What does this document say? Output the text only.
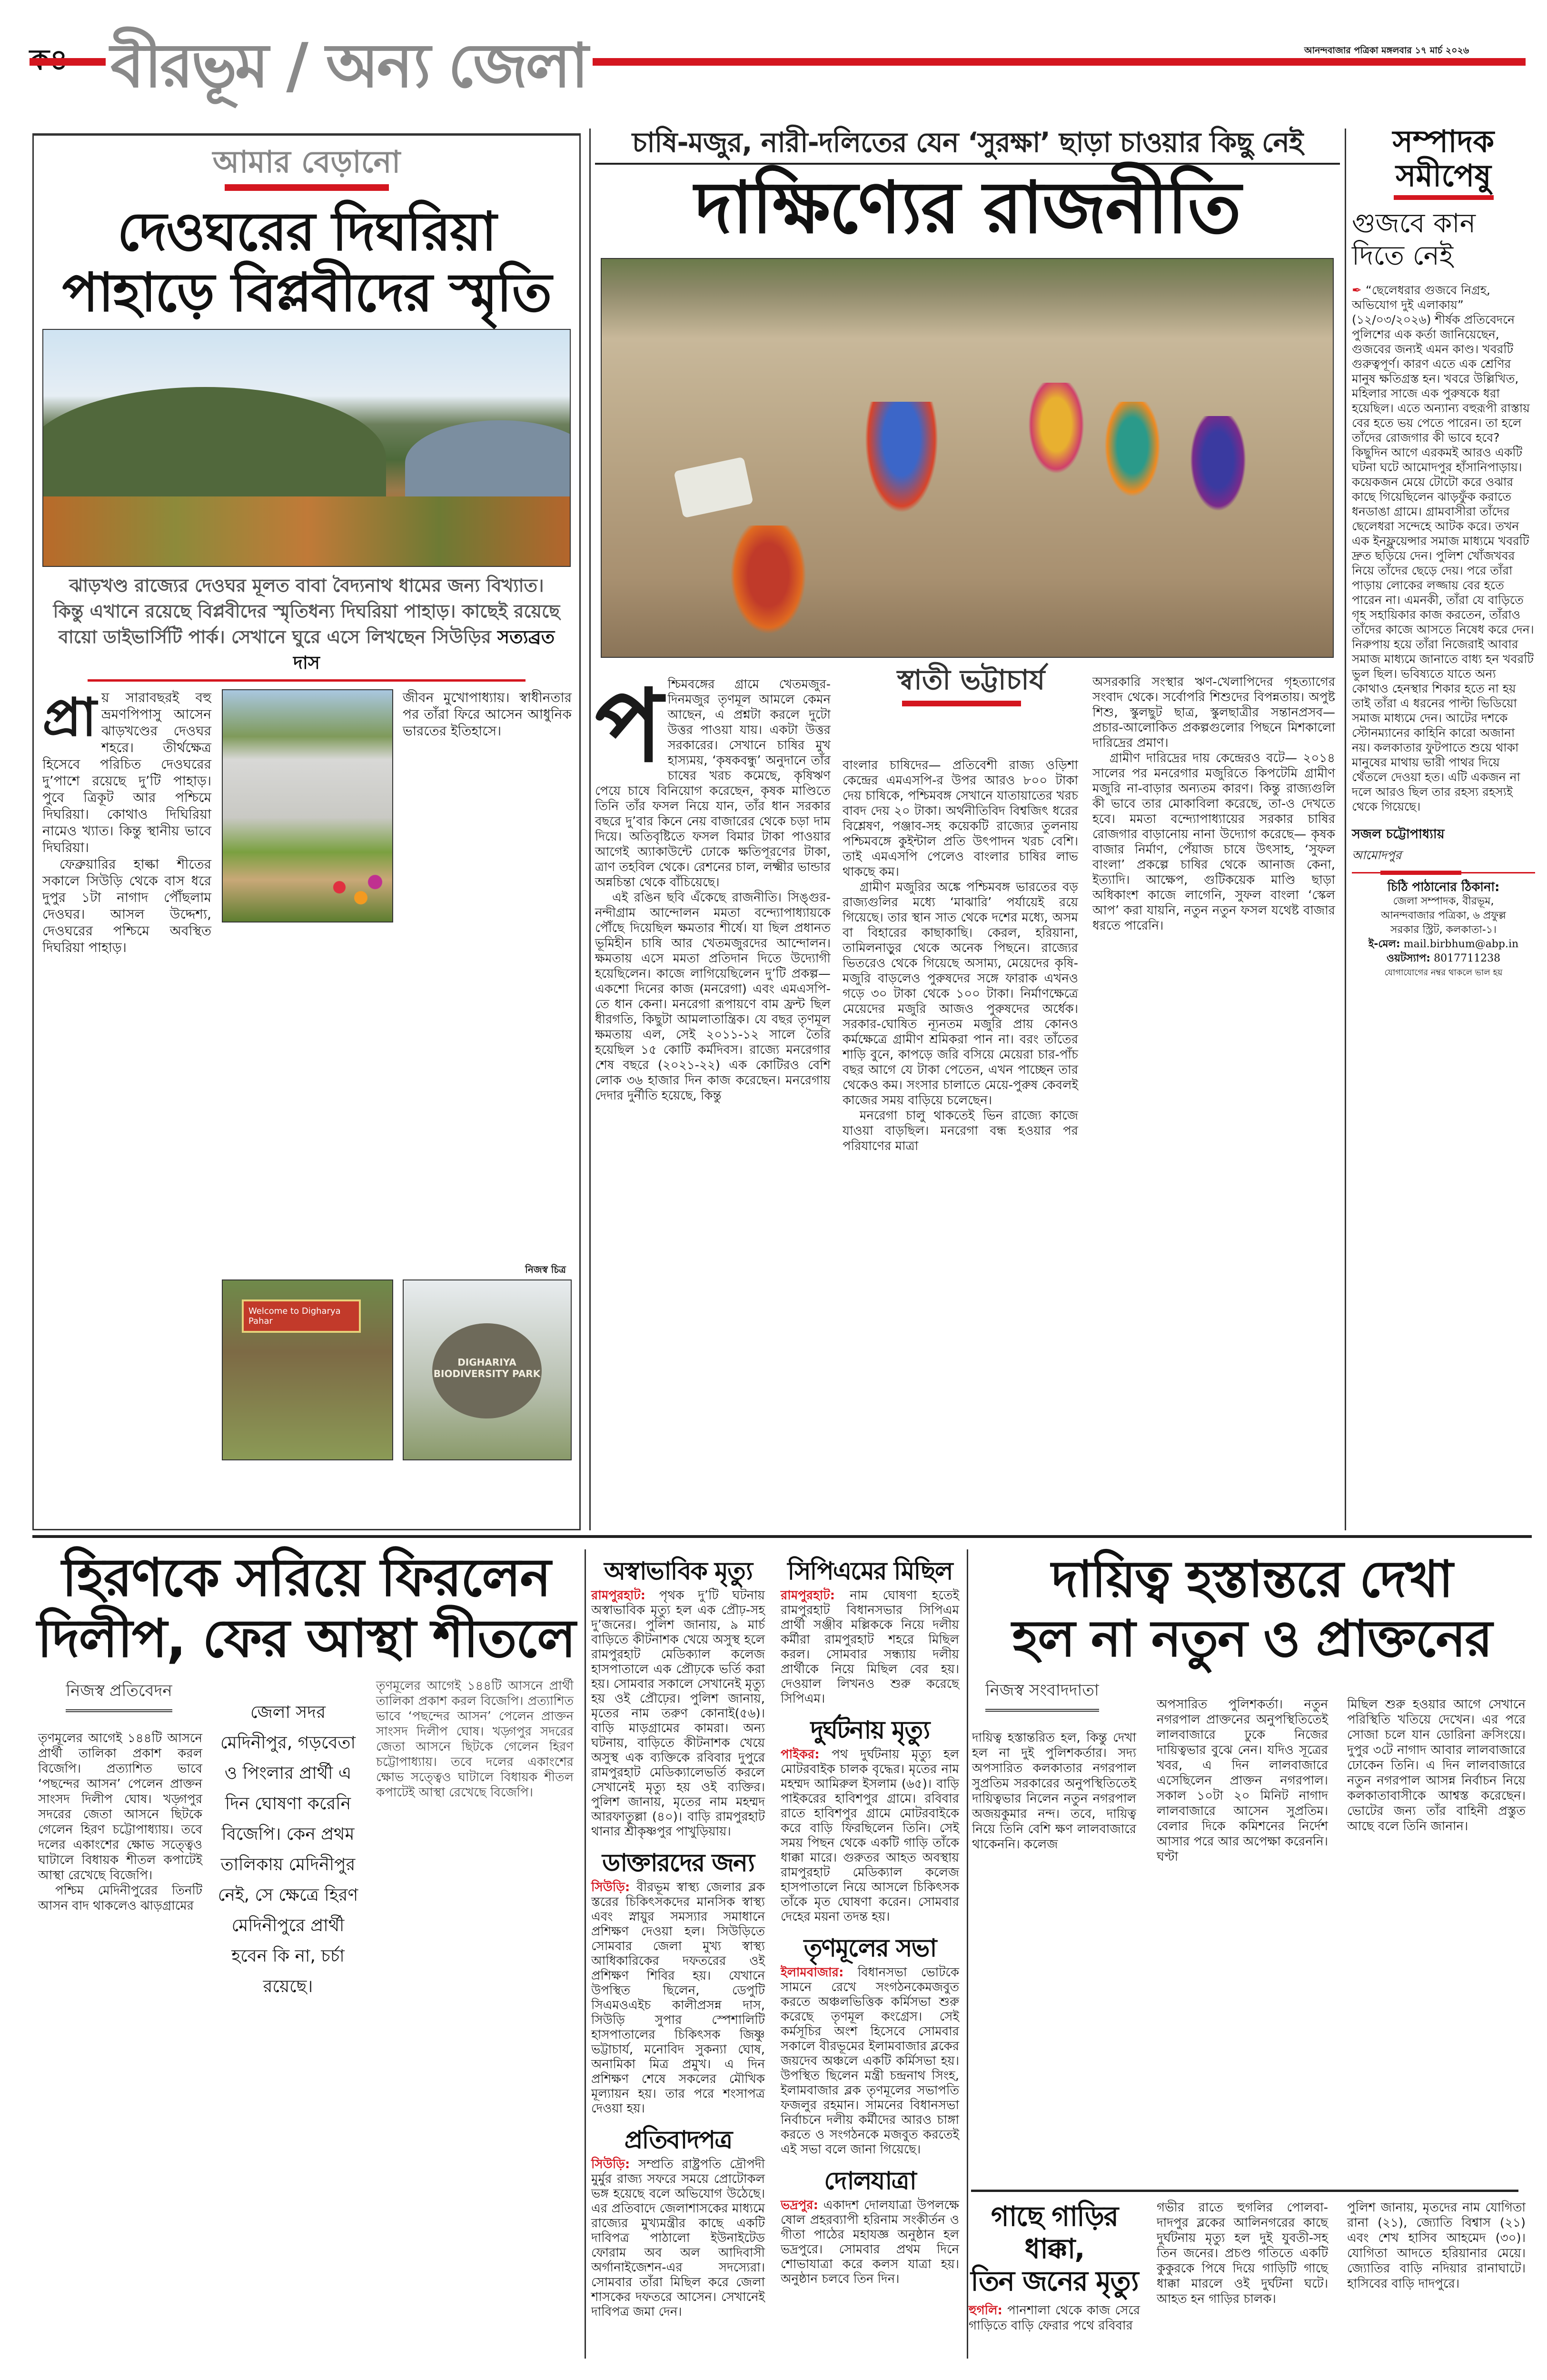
বীরভূম / অন্য জেলা	আনন্দবাজার পত্রিকা মঙ্গলবার ১৭ মার্চ ২০২৬
আমার বেড়ানো
দেওঘরের দিঘরিয়া
পাহাড়ে বিপ্লবীদের স্মৃতি
ঝাড়খণ্ড রাজ্যের দেওঘর মূলত বাবা বৈদ্যনাথ ধামের জন্য বিখ্যাত। কিন্তু এখানে রয়েছে বিপ্লবীদের স্মৃতিধন্য দিঘরিয়া পাহাড়। কাছেই রয়েছে বায়ো ডাইভার্সিটি পার্ক। সেখানে ঘুরে এসে লিখছেন সিউড়ির সত্যব্রত দাস
প্রা য় সারাবছরই বহু ভ্রমণপিপাসু আসেন ঝাড়খণ্ডের দেওঘর শহরে। তীর্থক্ষেত্র হিসেবে পরিচিত দেওঘরের দু’পাশে রয়েছে দু’টি পাহাড়। পুবে ত্রিকূট আর পশ্চিমে দিঘরিয়া। কোথাও দিঘিরিয়া নামেও খ্যাত। কিন্তু স্থানীয় ভাবে দিঘরিয়া।

ফেব্রুয়ারির হাল্কা শীতের সকালে সিউড়ি থেকে বাস ধরে দুপুর ১টা নাগাদ পৌঁছলাম দেওঘর। আসল উদ্দেশ্য, দেওঘরের পশ্চিমে অবস্থিত দিঘরিয়া পাহাড়।

জীবন মুখোপাধ্যায়। স্বাধীনতার পর তাঁরা ফিরে আসেন আধুনিক ভারতের ইতিহাসে।

নিজস্ব চিত্র
Welcome to Digharya Pahar
DIGHARIYA BIODIVERSITY PARK
চাষি-মজুর, নারী-দলিতের যেন ‘সুরক্ষা’ ছাড়া চাওয়ার কিছু নেই
দাক্ষিণ্যের রাজনীতি
স্বাতী ভট্টাচার্য
প শ্চিমবঙ্গের গ্রামে খেতমজুর-দিনমজুর তৃণমূল আমলে কেমন আছেন, এ প্রশ্নটা করলে দুটো উত্তর পাওয়া যায়। একটা উত্তর সরকারের। সেখানে চাষির মুখ হাস্যময়, ‘কৃষকবন্ধু’ অনুদানে তাঁর চাষের খরচ কমেছে, কৃষিঋণ পেয়ে চাষে বিনিয়োগ করেছেন, কৃষক মাণ্ডিতে তিনি তাঁর ফসল নিয়ে যান, তাঁর ধান সরকার বছরে দু’বার কিনে নেয় বাজারের থেকে চড়া দাম দিয়ে। অতিবৃষ্টিতে ফসল বিমার টাকা পাওয়ার আগেই অ্যাকাউন্টে ঢোকে ক্ষতিপূরণের টাকা, ত্রাণ তহবিল থেকে। রেশনের চাল, লক্ষ্মীর ভান্ডার অন্নচিন্তা থেকে বাঁচিয়েছে।

এই রঙিন ছবি এঁকেছে রাজনীতি। সিঙ্গুর-নন্দীগ্রাম আন্দোলন মমতা বন্দ্যোপাধ্যায়কে পৌঁছে দিয়েছিল ক্ষমতার শীর্ষে। যা ছিল প্রধানত ভূমিহীন চাষি আর খেতমজুরদের আন্দোলন। ক্ষমতায় এসে মমতা প্রতিদান দিতে উদ্যোগী হয়েছিলেন। কাজে লাগিয়েছিলেন দু’টি প্রকল্প— একশো দিনের কাজ (মনরেগা) এবং এমএসপি-তে ধান কেনা। মনরেগা রূপায়ণে বাম ফ্রন্ট ছিল ধীরগতি, কিছুটা আমলাতান্ত্রিক। যে বছর তৃণমূল ক্ষমতায় এল, সেই ২০১১-১২ সালে তৈরি হয়েছিল ১৫ কোটি কর্মদিবস। রাজ্যে মনরেগার শেষ বছরে (২০২১-২২) এক কোটিরও বেশি লোক ৩৬ হাজার দিন কাজ করেছেন। মনরেগায় দেদার দুর্নীতি হয়েছে, কিন্তু

বাংলার চাষিদের— প্রতিবেশী রাজ্য ওড়িশা কেন্দ্রের এমএসপি-র উপর আরও ৮০০ টাকা দেয় চাষিকে, পশ্চিমবঙ্গ সেখানে যাতায়াতের খরচ বাবদ দেয় ২০ টাকা। অর্থনীতিবিদ বিশ্বজিৎ ধরের বিশ্লেষণ, পঞ্জাব-সহ কয়েকটি রাজ্যের তুলনায় পশ্চিমবঙ্গে কুইন্টাল প্রতি উৎপাদন খরচ বেশি। তাই এমএসপি পেলেও বাংলার চাষির লাভ থাকছে কম।

গ্রামীণ মজুরির অঙ্কে পশ্চিমবঙ্গ ভারতের বড় রাজ্যগুলির মধ্যে ‘মাঝারি’ পর্যায়েই রয়ে গিয়েছে। তার স্থান সাত থেকে দশের মধ্যে, অসম বা বিহারের কাছাকাছি। কেরল, হরিয়ানা, তামিলনাড়ুর থেকে অনেক পিছনে। রাজ্যের ভিতরেও থেকে গিয়েছে অসাম্য, মেয়েদের কৃষি-মজুরি বাড়লেও পুরুষদের সঙ্গে ফারাক এখনও গড়ে ৩০ টাকা থেকে ১০০ টাকা। নির্মাণক্ষেত্রে মেয়েদের মজুরি আজও পুরুষদের অর্ধেক। সরকার-ঘোষিত ন্যূনতম মজুরি প্রায় কোনও কর্মক্ষেত্রে গ্রামীণ শ্রমিকরা পান না। বরং তাঁতের শাড়ি বুনে, কাপড়ে জরি বসিয়ে মেয়েরা চার-পাঁচ বছর আগে যে টাকা পেতেন, এখন পাচ্ছেন তার থেকেও কম। সংসার চালাতে মেয়ে-পুরুষ কেবলই কাজের সময় বাড়িয়ে চলেছেন।

মনরেগা চালু থাকতেই ভিন রাজ্যে কাজে যাওয়া বাড়ছিল। মনরেগা বন্ধ হওয়ার পর পরিযাণের মাত্রা

অসরকারি সংস্থার ঋণ-খেলাপিদের গৃহত্যাগের সংবাদ থেকে। সর্বোপরি শিশুদের বিপন্নতায়। অপুষ্ট শিশু, স্কুলছুট ছাত্র, স্কুলছাত্রীর সন্তানপ্রসব— প্রচার-আলোকিত প্রকল্পগুলোর পিছনে মিশকালো দারিদ্রের প্রমাণ।

গ্রামীণ দারিদ্রের দায় কেন্দ্রেরও বটে— ২০১৪ সালের পর মনরেগার মজুরিতে কিপটেমি গ্রামীণ মজুরি না-বাড়ার অন্যতম কারণ। কিন্তু রাজ্যগুলি কী ভাবে তার মোকাবিলা করেছে, তা-ও দেখতে হবে। মমতা বন্দ্যোপাধ্যায়ের সরকার চাষির রোজগার বাড়ানোয় নানা উদ্যোগ করেছে— কৃষক বাজার নির্মাণ, পেঁয়াজ চাষে উৎসাহ, ‘সুফল বাংলা’ প্রকল্পে চাষির থেকে আনাজ কেনা, ইত্যাদি। আক্ষেপ, গুটিকয়েক মাণ্ডি ছাড়া অধিকাংশ কাজে লাগেনি, সুফল বাংলা ‘স্কেল আপ’ করা যায়নি, নতুন নতুন ফসল যথেষ্ট বাজার ধরতে পারেনি।

সম্পাদক
সমীপেষু
গুজবে কান দিতে নেই
✒︎ “ছেলেধরার গুজবে নিগ্রহ, অভিযোগ দুই এলাকায়” (১২/০৩/২০২৬) শীর্ষক প্রতিবেদনে পুলিশের এক কর্তা জানিয়েছেন, গুজবের জন্যই এমন কাণ্ড। খবরটি গুরুত্বপূর্ণ। কারণ এতে এক শ্রেণির মানুষ ক্ষতিগ্রস্ত হন। খবরে উল্লিখিত, মহিলার সাজে এক পুরুষকে ধরা হয়েছিল। এতে অন্যান্য বহুরূপী রাস্তায় বের হতে ভয় পেতে পারেন। তা হলে তাঁদের রোজগার কী ভাবে হবে? কিছুদিন আগে এরকমই আরও একটি ঘটনা ঘটে আমোদপুর হাঁসানিপাড়ায়। কয়েকজন মেয়ে টোটো করে ওঝার কাছে গিয়েছিলেন ঝাড়ফুঁক করাতে ধনডাঙা গ্রামে। গ্রামবাসীরা তাঁদের ছেলেধরা সন্দেহে আটক করে। তখন এক ইনফ্লুয়েন্সার সমাজ মাধ্যমে খবরটি দ্রুত ছড়িয়ে দেন। পুলিশ খোঁজখবর নিয়ে তাঁদের ছেড়ে দেয়। পরে তাঁরা পাড়ায় লোকের লজ্জায় বের হতে পারেন না। এমনকী, তাঁরা যে বাড়িতে গৃহ সহায়িকার কাজ করতেন, তাঁরাও তাঁদের কাজে আসতে নিষেধ করে দেন। নিরুপায় হয়ে তাঁরা নিজেরাই আবার সমাজ মাধ্যমে জানাতে বাধ্য হন খবরটি ভুল ছিল। ভবিষ্যতে যাতে অন্য কোথাও হেনস্থার শিকার হতে না হয় তাই তাঁরা এ ধরনের পাল্টা ভিডিয়ো সমাজ মাধ্যমে দেন। আটের দশকে স্টোনম্যানের কাহিনি কারো অজানা নয়। কলকাতার ফুটপাতে শুয়ে থাকা মানুষের মাথায় ভারী পাথর দিয়ে থেঁতলে দেওয়া হত। এটি একজন না দলে আরও ছিল তার রহস্য রহস্যই থেকে গিয়েছে।
সজল চট্টোপাধ্যায়
আমোদপুর
চিঠি পাঠানোর ঠিকানা:
জেলা সম্পাদক, বীরভূম,
আনন্দবাজার পত্রিকা, ৬ প্রফুল্ল
সরকার স্ট্রিট, কলকাতা-১।
ই-মেল: mail.birbhum@abp.in
ওয়টস্যাপ: 8017711238
যোগাযোগের নম্বর থাকলে ভাল হয়
হিরণকে সরিয়ে ফিরলেন
দিলীপ, ফের আস্থা শীতলে
নিজস্ব প্রতিবেদন

তৃণমূলের আগেই ১৪৪টি আসনে প্রার্থী তালিকা প্রকাশ করল বিজেপি। প্রত্যাশিত ভাবে ‘পছন্দের আসন’ পেলেন প্রাক্তন সাংসদ দিলীপ ঘোষ। খড়্গপুর সদরের জেতা আসনে ছিটকে গেলেন হিরণ চট্টোপাধ্যায়। তবে দলের একাংশের ক্ষোভ সত্ত্বেও ঘাটালে বিধায়ক শীতল কপাটেই আস্থা রেখেছে বিজেপি।

পশ্চিম মেদিনীপুরের তিনটি আসন বাদ থাকলেও ঝাড়গ্রামের

জেলা সদর মেদিনীপুর, গড়বেতা ও পিংলার প্রার্থী এ দিন ঘোষণা করেনি বিজেপি। কেন প্রথম তালিকায় মেদিনীপুর নেই, সে ক্ষেত্রে হিরণ মেদিনীপুরে প্রার্থী হবেন কি না, চর্চা রয়েছে।

তৃণমূলের আগেই ১৪৪টি আসনে প্রার্থী তালিকা প্রকাশ করল বিজেপি। প্রত্যাশিত ভাবে ‘পছন্দের আসন’ পেলেন প্রাক্তন সাংসদ দিলীপ ঘোষ। খড়্গপুর সদরের জেতা আসনে ছিটকে গেলেন হিরণ চট্টোপাধ্যায়। তবে দলের একাংশের ক্ষোভ সত্ত্বেও ঘাটালে বিধায়ক শীতল কপাটেই আস্থা রেখেছে বিজেপি।

অস্বাভাবিক মৃত্যু
রামপুরহাট: পৃথক দু’টি ঘটনায় অস্বাভাবিক মৃত্যু হল এক প্রৌঢ়-সহ দু’জনের। পুলিশ জানায়, ৯ মার্চ বাড়িতে কীটনাশক খেয়ে অসুস্থ হলে রামপুরহাট মেডিক্যাল কলেজ হাসপাতালে এক প্রৌঢ়কে ভর্তি করা হয়। সোমবার সকালে সেখানেই মৃত্যু হয় ওই প্রৌঢ়ের। পুলিশ জানায়, মৃতের নাম তরুণ কোনাই(৫৬)। বাড়ি মাড়গ্রামের কামরা। অন্য ঘটনায়, বাড়িতে কীটনাশক খেয়ে অসুস্থ এক ব্যক্তিকে রবিবার দুপুরে রামপুরহাট মেডিক্যালেভর্তি করলে সেখানেই মৃত্যু হয় ওই ব্যক্তির। পুলিশ জানায়, মৃতের নাম মহম্মদ আরফাতুল্লা (৪০)। বাড়ি রামপুরহাট থানার শ্রীকৃষ্ণপুর পাখুড়িয়ায়।
ডাক্তারদের জন্য
সিউড়ি: বীরভূম স্বাস্থ্য জেলার ব্লক স্তরের চিকিৎসকদের মানসিক স্বাস্থ্য এবং স্নায়ুর সমস্যার সমাধানে প্রশিক্ষণ দেওয়া হল। সিউড়িতে সোমবার জেলা মুখ্য স্বাস্থ্য আধিকারিকের দফতরের ওই প্রশিক্ষণ শিবির হয়। যেখানে উপস্থিত ছিলেন, ডেপুটি সিএমওএইচ কালীপ্রসন্ন দাস, সিউড়ি সুপার স্পেশালিটি হাসপাতালের চিকিৎসক জিষ্ণু ভট্টাচার্য, মনোবিদ সুকন্যা ঘোষ, অনামিকা মিত্র প্রমুখ। এ দিন প্রশিক্ষণ শেষে সকলের মৌখিক মূল্যায়ন হয়। তার পরে শংসাপত্র দেওয়া হয়।
প্রতিবাদপত্র
সিউড়ি: সম্প্রতি রাষ্ট্রপতি দ্রৌপদী মুর্মুর রাজ্য সফরে সময়ে প্রোটোকল ভঙ্গ হয়েছে বলে অভিযোগ উঠেছে। এর প্রতিবাদে জেলাশাসকের মাধ্যমে রাজ্যের মুখ্যমন্ত্রীর কাছে একটি দাবিপত্র পাঠালো ইউনাইটেড ফোরাম অব অল আদিবাসী অর্গানাইজেশন-এর সদস্যেরা। সোমবার তাঁরা মিছিল করে জেলা শাসকের দফতরে আসেন। সেখানেই দাবিপত্র জমা দেন।
সিপিএমের মিছিল
রামপুরহাট: নাম ঘোষণা হতেই রামপুরহাট বিধানসভার সিপিএম প্রার্থী সঞ্জীব মল্লিককে নিয়ে দলীয় কর্মীরা রামপুরহাট শহরে মিছিল করল। সোমবার সন্ধ্যায় দলীয় প্রার্থীকে নিয়ে মিছিল বের হয়। দেওয়াল লিখনও শুরু করেছে সিপিএম।
দুর্ঘটনায় মৃত্যু
পাইকর: পথ দুর্ঘটনায় মৃত্যু হল মোটরবাইক চালক বৃদ্ধের। মৃতের নাম মহম্মদ আমিরুল ইসলাম (৬৫)। বাড়ি পাইকরের হাবিশপুর গ্রামে। রবিবার রাতে হাবিশপুর গ্রামে মোটরবাইকে করে বাড়ি ফিরছিলেন তিনি। সেই সময় পিছন থেকে একটি গাড়ি তাঁকে ধাক্কা মারে। গুরুতর আহত অবস্থায় রামপুরহাট মেডিক্যাল কলেজ হাসপাতালে নিয়ে আসলে চিকিৎসক তাঁকে মৃত ঘোষণা করেন। সোমবার দেহের ময়না তদন্ত হয়।
তৃণমূলের সভা
ইলামবাজার: বিধানসভা ভোটকে সামনে রেখে সংগঠনকেমজবুত করতে অঞ্চলভিত্তিক কর্মিসভা শুরু করেছে তৃণমূল কংগ্রেস। সেই কর্মসূচির অংশ হিসেবে সোমবার সকালে বীরভূমের ইলামবাজার ব্লকের জয়দেব অঞ্চলে একটি কর্মিসভা হয়। উপস্থিত ছিলেন মন্ত্রী চন্দ্রনাথ সিংহ, ইলামবাজার ব্লক তৃণমূলের সভাপতি ফজলুর রহমান। সামনের বিধানসভা নির্বাচনে দলীয় কর্মীদের আরও চাঙ্গা করতে ও সংগঠনকে মজবুত করতেই এই সভা বলে জানা গিয়েছে।
দোলযাত্রা
ভদ্রপুর: একাদশ দোলযাত্রা উপলক্ষে ষোল প্রহরব্যাপী হরিনাম সংকীর্তন ও গীতা পাঠের মহাযজ্ঞ অনুষ্ঠান হল ভদ্রপুরে। সোমবার প্রথম দিনে শোভাযাত্রা করে কলস যাত্রা হয়। অনুষ্ঠান চলবে তিন দিন।
দায়িত্ব হস্তান্তরে দেখা
হল না নতুন ও প্রাক্তনের
নিজস্ব সংবাদদাতা

দায়িত্ব হস্তান্তরিত হল, কিন্তু দেখা হল না দুই পুলিশকর্তার। সদ্য অপসারিত কলকাতার নগরপাল সুপ্রতিম সরকারের অনুপস্থিতিতেই দায়িত্বভার নিলেন নতুন নগরপাল অজয়কুমার নন্দ। তবে, দায়িত্ব নিয়ে তিনি বেশি ক্ষণ লালবাজারে থাকেননি। কলেজ

অপসারিত পুলিশকর্তা। নতুন নগরপাল প্রাক্তনের অনুপস্থিতিতেই লালবাজারে ঢুকে নিজের দায়িত্বভার বুঝে নেন। যদিও সূত্রের খবর, এ দিন লালবাজারে এসেছিলেন প্রাক্তন নগরপাল। সকাল ১০টা ২০ মিনিট নাগাদ লালবাজারে আসেন সুপ্রতিম। বেলার দিকে কমিশনের নির্দেশ আসার পরে আর অপেক্ষা করেননি। ঘণ্টা

মিছিল শুরু হওয়ার আগে সেখানে পরিস্থিতি খতিয়ে দেখেন। এর পরে সোজা চলে যান ডোরিনা ক্রসিংয়ে। দুপুর ৩টে নাগাদ আবার লালবাজারে ঢোকেন তিনি। এ দিন লালবাজারে নতুন নগরপাল আসন্ন নির্বাচন নিয়ে কলকাতাবাসীকে আশ্বস্ত করেছেন। ভোটের জন্য তাঁর বাহিনী প্রস্তুত আছে বলে তিনি জানান।

গাছে গাড়ির ধাক্কা,
তিন জনের মৃত্যু
হুগলি: পানশালা থেকে কাজ সেরে গাড়িতে বাড়ি ফেরার পথে রবিবার

গভীর রাতে হুগলির পোলবা-দাদপুর ব্লকের আলিনগরের কাছে দুর্ঘটনায় মৃত্যু হল দুই যুবতী-সহ তিন জনের। প্রচণ্ড গতিতে একটি কুকুরকে পিষে দিয়ে গাড়িটি গাছে ধাক্কা মারলে ওই দুর্ঘটনা ঘটে। আহত হন গাড়ির চালক।

পুলিশ জানায়, মৃতদের নাম যোগিতা রানা (২১), জ্যোতি বিশ্বাস (২১) এবং শেখ হাসিব আহমেদ (৩০)। যোগিতা আদতে হরিয়ানার মেয়ে। জ্যোতির বাড়ি নদিয়ার রানাঘাটে। হাসিবের বাড়ি দাদপুরে।
